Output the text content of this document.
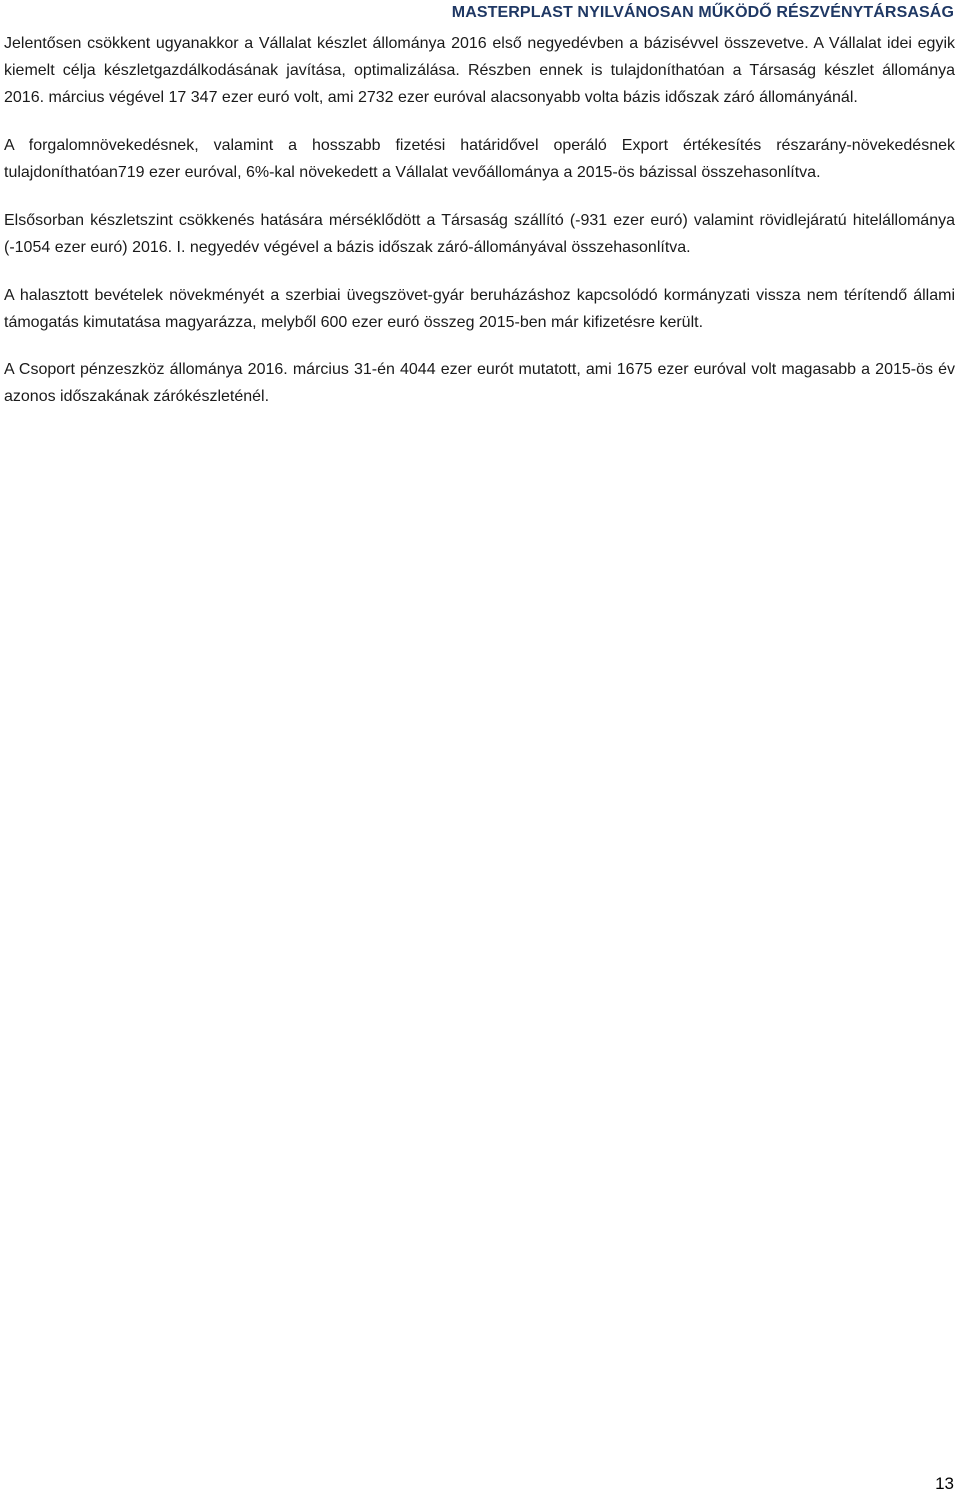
MASTERPLAST NYILVÁNOSAN MŰKÖDŐ RÉSZVÉNYTÁRSASÁG

Jelentősen csökkent ugyanakkor a Vállalat készlet állománya 2016 első negyedévben a bázisévvel összevetve. A Vállalat idei egyik kiemelt célja készletgazdálkodásának javítása, optimalizálása. Részben ennek is tulajdoníthatóan a Társaság készlet állománya 2016. március végével 17 347 ezer euró volt, ami 2732 ezer euróval alacsonyabb volta bázis időszak záró állományánál.

A forgalomnövekedésnek, valamint a hosszabb fizetési határidővel operáló Export értékesítés részarány-növekedésnek tulajdoníthatóan719 ezer euróval, 6%-kal növekedett a Vállalat vevőállománya a 2015-ös bázissal összehasonlítva.

Elsősorban készletszint csökkenés hatására mérséklődött a Társaság szállító (-931 ezer euró) valamint rövidlejáratú hitelállománya (-1054 ezer euró) 2016. I. negyedév végével a bázis időszak záró-állományával összehasonlítva.

A halasztott bevételek növekményét a szerbiai üvegszövet-gyár beruházáshoz kapcsolódó kormányzati vissza nem térítendő állami támogatás kimutatása magyarázza, melyből 600 ezer euró összeg 2015-ben már kifizetésre került.

A Csoport pénzeszköz állománya 2016. március 31-én 4044 ezer eurót mutatott, ami 1675 ezer euróval volt magasabb a 2015-ös év azonos időszakának zárókészleténél.

13
